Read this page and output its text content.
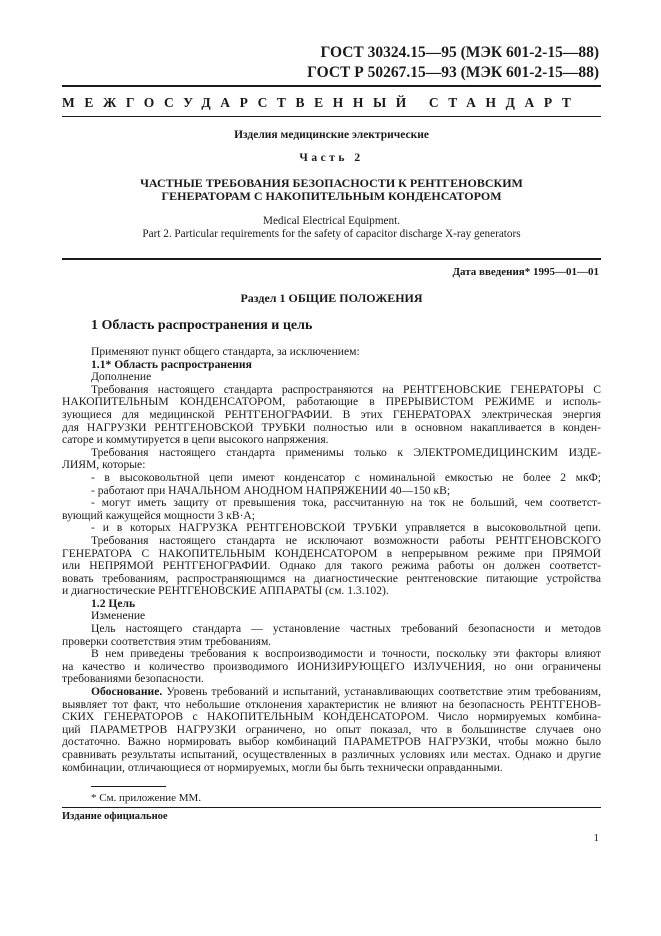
ГОСТ 30324.15—95 (МЭК 601-2-15—88)
ГОСТ Р 50267.15—93 (МЭК 601-2-15—88)
МЕЖГОСУДАРСТВЕННЫЙ СТАНДАРТ
Изделия медицинские электрические
Часть 2
ЧАСТНЫЕ ТРЕБОВАНИЯ БЕЗОПАСНОСТИ К РЕНТГЕНОВСКИМ
ГЕНЕРАТОРАМ С НАКОПИТЕЛЬНЫМ КОНДЕНСАТОРОМ
Medical Electrical Equipment.
Part 2. Particular requirements for the safety of capacitor discharge X-ray generators
Дата введения* 1995—01—01
Раздел 1 ОБЩИЕ ПОЛОЖЕНИЯ
1 Область распространения и цель
Применяют пункт общего стандарта, за исключением:
1.1* Область распространения
Дополнение
Требования настоящего стандарта распространяются на РЕНТГЕНОВСКИЕ ГЕНЕРАТОРЫ С
НАКОПИТЕЛЬНЫМ КОНДЕНСАТОРОМ, работающие в ПРЕРЫВИСТОМ РЕЖИМЕ и исполь-
зующиеся для медицинской РЕНТГЕНОГРАФИИ. В этих ГЕНЕРАТОРАХ электрическая энергия
для НАГРУЗКИ РЕНТГЕНОВСКОЙ ТРУБКИ полностью или в основном накапливается в конден-
саторе и коммутируется в цепи высокого напряжения.
Требования настоящего стандарта применимы только к ЭЛЕКТРОМЕДИЦИНСКИМ ИЗДЕ-
ЛИЯМ, которые:
- в высоковольтной цепи имеют конденсатор с номинальной емкостью не более 2 мкФ;
- работают при НАЧАЛЬНОМ АНОДНОМ НАПРЯЖЕНИИ 40—150 кВ;
- могут иметь защиту от превышения тока, рассчитанную на ток не больший, чем соответст-
вующий кажущейся мощности 3 кВ·А;
- и в которых НАГРУЗКА РЕНТГЕНОВСКОЙ ТРУБКИ управляется в высоковольтной цепи.
Требования настоящего стандарта не исключают возможности работы РЕНТГЕНОВСКОГО
ГЕНЕРАТОРА С НАКОПИТЕЛЬНЫМ КОНДЕНСАТОРОМ в непрерывном режиме при ПРЯМОЙ
или НЕПРЯМОЙ РЕНТГЕНОГРАФИИ. Однако для такого режима работы он должен соответст-
вовать требованиям, распространяющимся на диагностические рентгеновские питающие устройства
и диагностические РЕНТГЕНОВСКИЕ АППАРАТЫ (см. 1.3.102).
1.2 Цель
Изменение
Цель настоящего стандарта — установление частных требований безопасности и методов
проверки соответствия этим требованиям.
В нем приведены требования к воспроизводимости и точности, поскольку эти факторы влияют
на качество и количество производимого ИОНИЗИРУЮЩЕГО ИЗЛУЧЕНИЯ, но они ограничены
требованиями безопасности.
Обоснование. Уровень требований и испытаний, устанавливающих соответствие этим требованиям,
выявляет тот факт, что небольшие отклонения характеристик не влияют на безопасность РЕНТГЕНОВ-
СКИХ ГЕНЕРАТОРОВ с НАКОПИТЕЛЬНЫМ КОНДЕНСАТОРОМ. Число нормируемых комбина-
ций ПАРАМЕТРОВ НАГРУЗКИ ограничено, но опыт показал, что в большинстве случаев оно
достаточно. Важно нормировать выбор комбинаций ПАРАМЕТРОВ НАГРУЗКИ, чтобы можно было
сравнивать результаты испытаний, осуществленных в различных условиях или местах. Однако и другие
комбинации, отличающиеся от нормируемых, могли бы быть технически оправданными.
* См. приложение ММ.
Издание официальное
1
